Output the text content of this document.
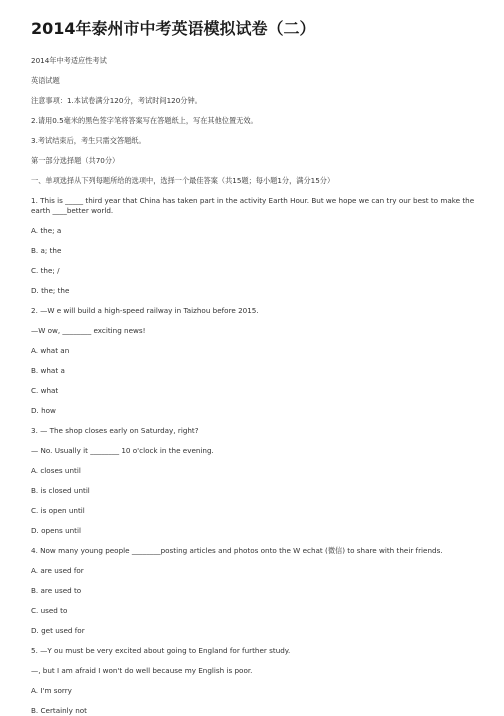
2014年泰州市中考英语模拟试卷（二）
2014年中考适应性考试
英语试题
注意事项：1.本试卷满分120分，考试时间120分钟。
2.请用0.5毫米的黑色签字笔将答案写在答题纸上，写在其他位置无效。
3.考试结束后，考生只需交答题纸。
第一部分选择题（共70分）
一、单项选择从下列每题所给的选项中，选择一个最佳答案（共15题；每小题1分，满分15分）
1. This is _____ third year that China has taken part in the activity Earth Hour. But we hope we can try our best to make the earth ____better world.
A. the; a
B. a; the
C. the; /
D. the; the
2. —W e will build a high-speed railway in Taizhou before 2015.
—W ow, ________ exciting news!
A. what an
B. what a
C. what
D. how
3. — The shop closes early on Saturday, right?
— No. Usually it ________ 10 o'clock in the evening.
A. closes until
B. is closed until
C. is open until
D. opens until
4. Now many young people ________posting articles and photos onto the W echat (微信) to share with their friends.
A. are used for
B. are used to
C. used to
D. get used for
5. —Y ou must be very excited about going to England for further study.
—, but I am afraid I won't do well because my English is poor.
A. I'm sorry
B. Certainly not
